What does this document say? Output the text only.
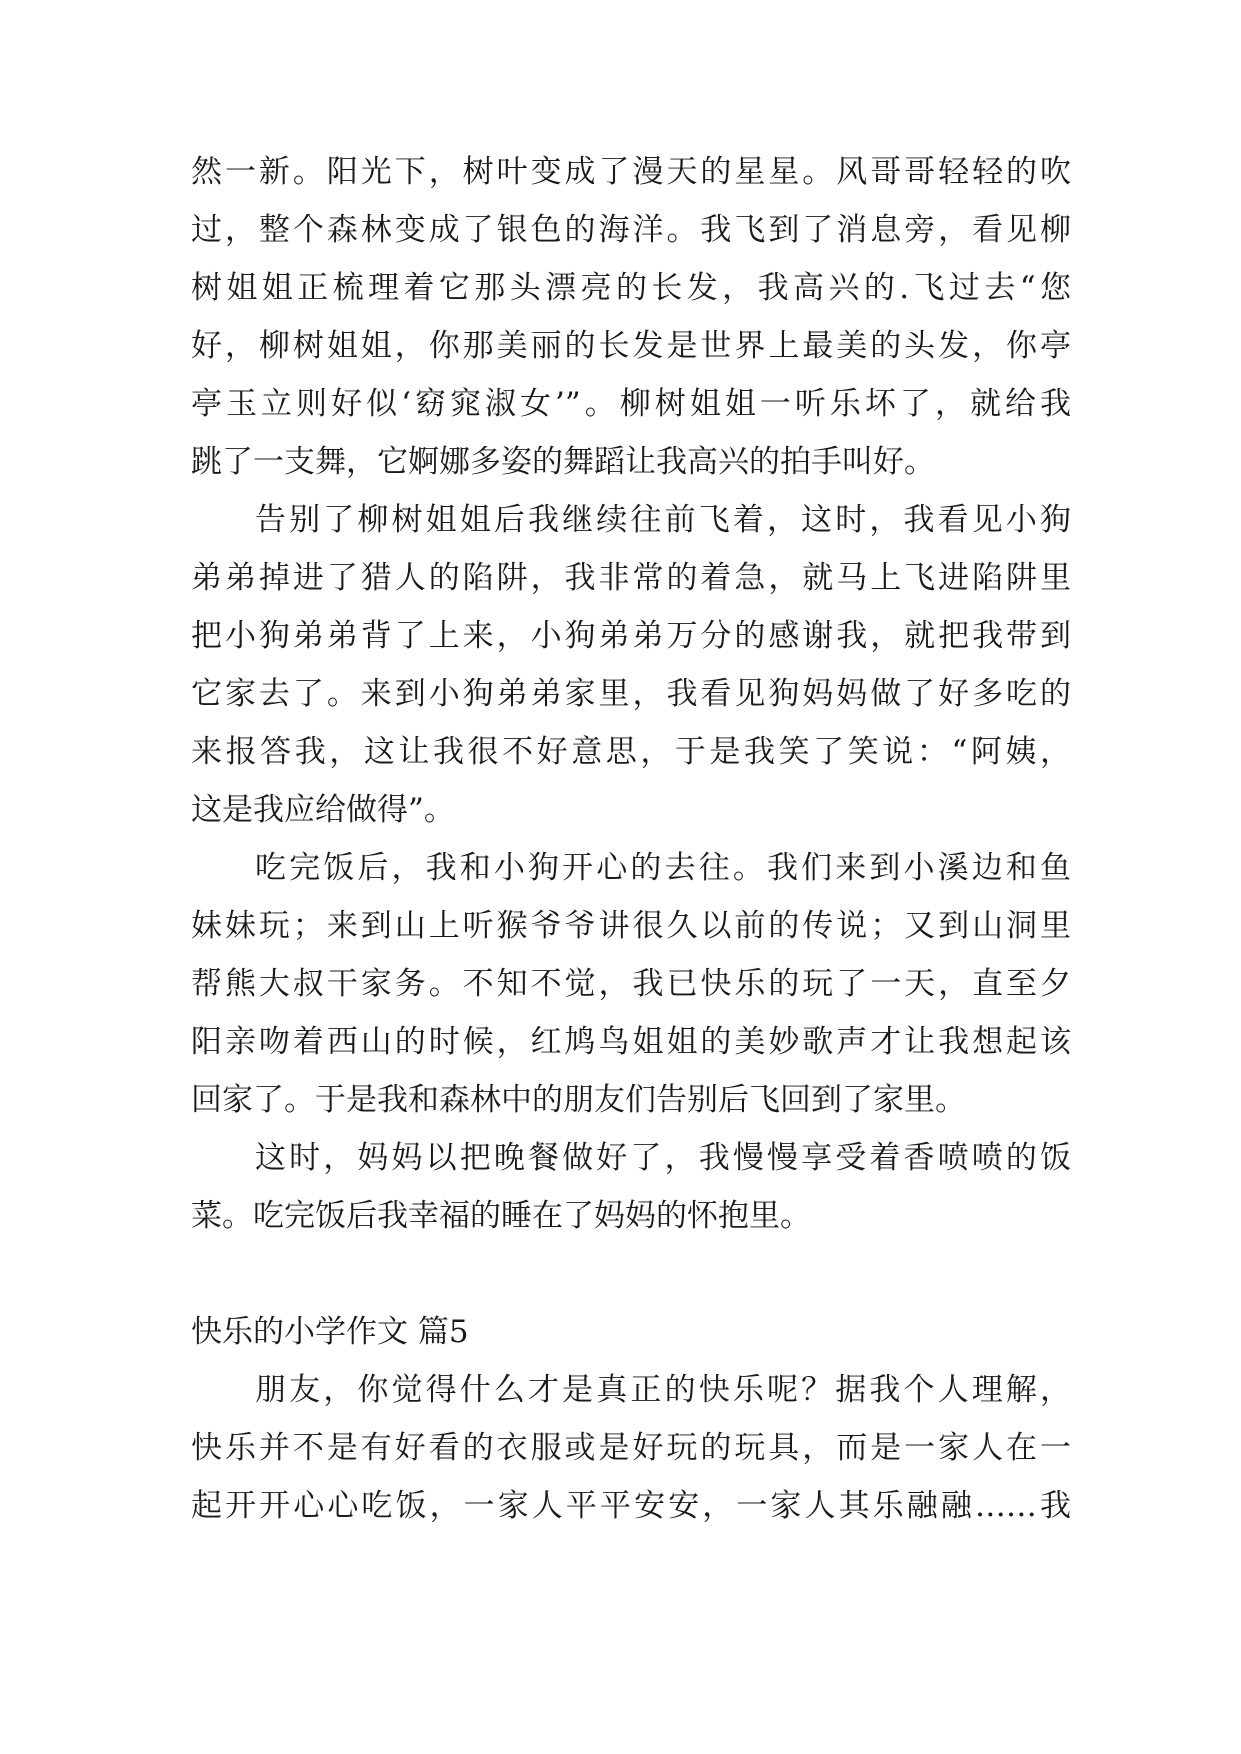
然一新。阳光下，树叶变成了漫天的星星。风哥哥轻轻的吹
过，整个森林变成了银色的海洋。我飞到了消息旁，看见柳
树姐姐正梳理着它那头漂亮的长发，我高兴的.飞过去“您
好，柳树姐姐，你那美丽的长发是世界上最美的头发，你亭
亭玉立则好似‘窈窕淑女’”。柳树姐姐一听乐坏了，就给我
跳了一支舞，它婀娜多姿的舞蹈让我高兴的拍手叫好。
告别了柳树姐姐后我继续往前飞着，这时，我看见小狗
弟弟掉进了猎人的陷阱，我非常的着急，就马上飞进陷阱里
把小狗弟弟背了上来，小狗弟弟万分的感谢我，就把我带到
它家去了。来到小狗弟弟家里，我看见狗妈妈做了好多吃的
来报答我，这让我很不好意思，于是我笑了笑说：“阿姨，
这是我应给做得”。
吃完饭后，我和小狗开心的去往。我们来到小溪边和鱼
妹妹玩；来到山上听猴爷爷讲很久以前的传说；又到山洞里
帮熊大叔干家务。不知不觉，我已快乐的玩了一天，直至夕
阳亲吻着西山的时候，红鸠鸟姐姐的美妙歌声才让我想起该
回家了。于是我和森林中的朋友们告别后飞回到了家里。
这时，妈妈以把晚餐做好了，我慢慢享受着香喷喷的饭
菜。吃完饭后我幸福的睡在了妈妈的怀抱里。
快乐的小学作文 篇5
朋友，你觉得什么才是真正的快乐呢？据我个人理解，
快乐并不是有好看的衣服或是好玩的玩具，而是一家人在一
起开开心心吃饭，一家人平平安安，一家人其乐融融……我
